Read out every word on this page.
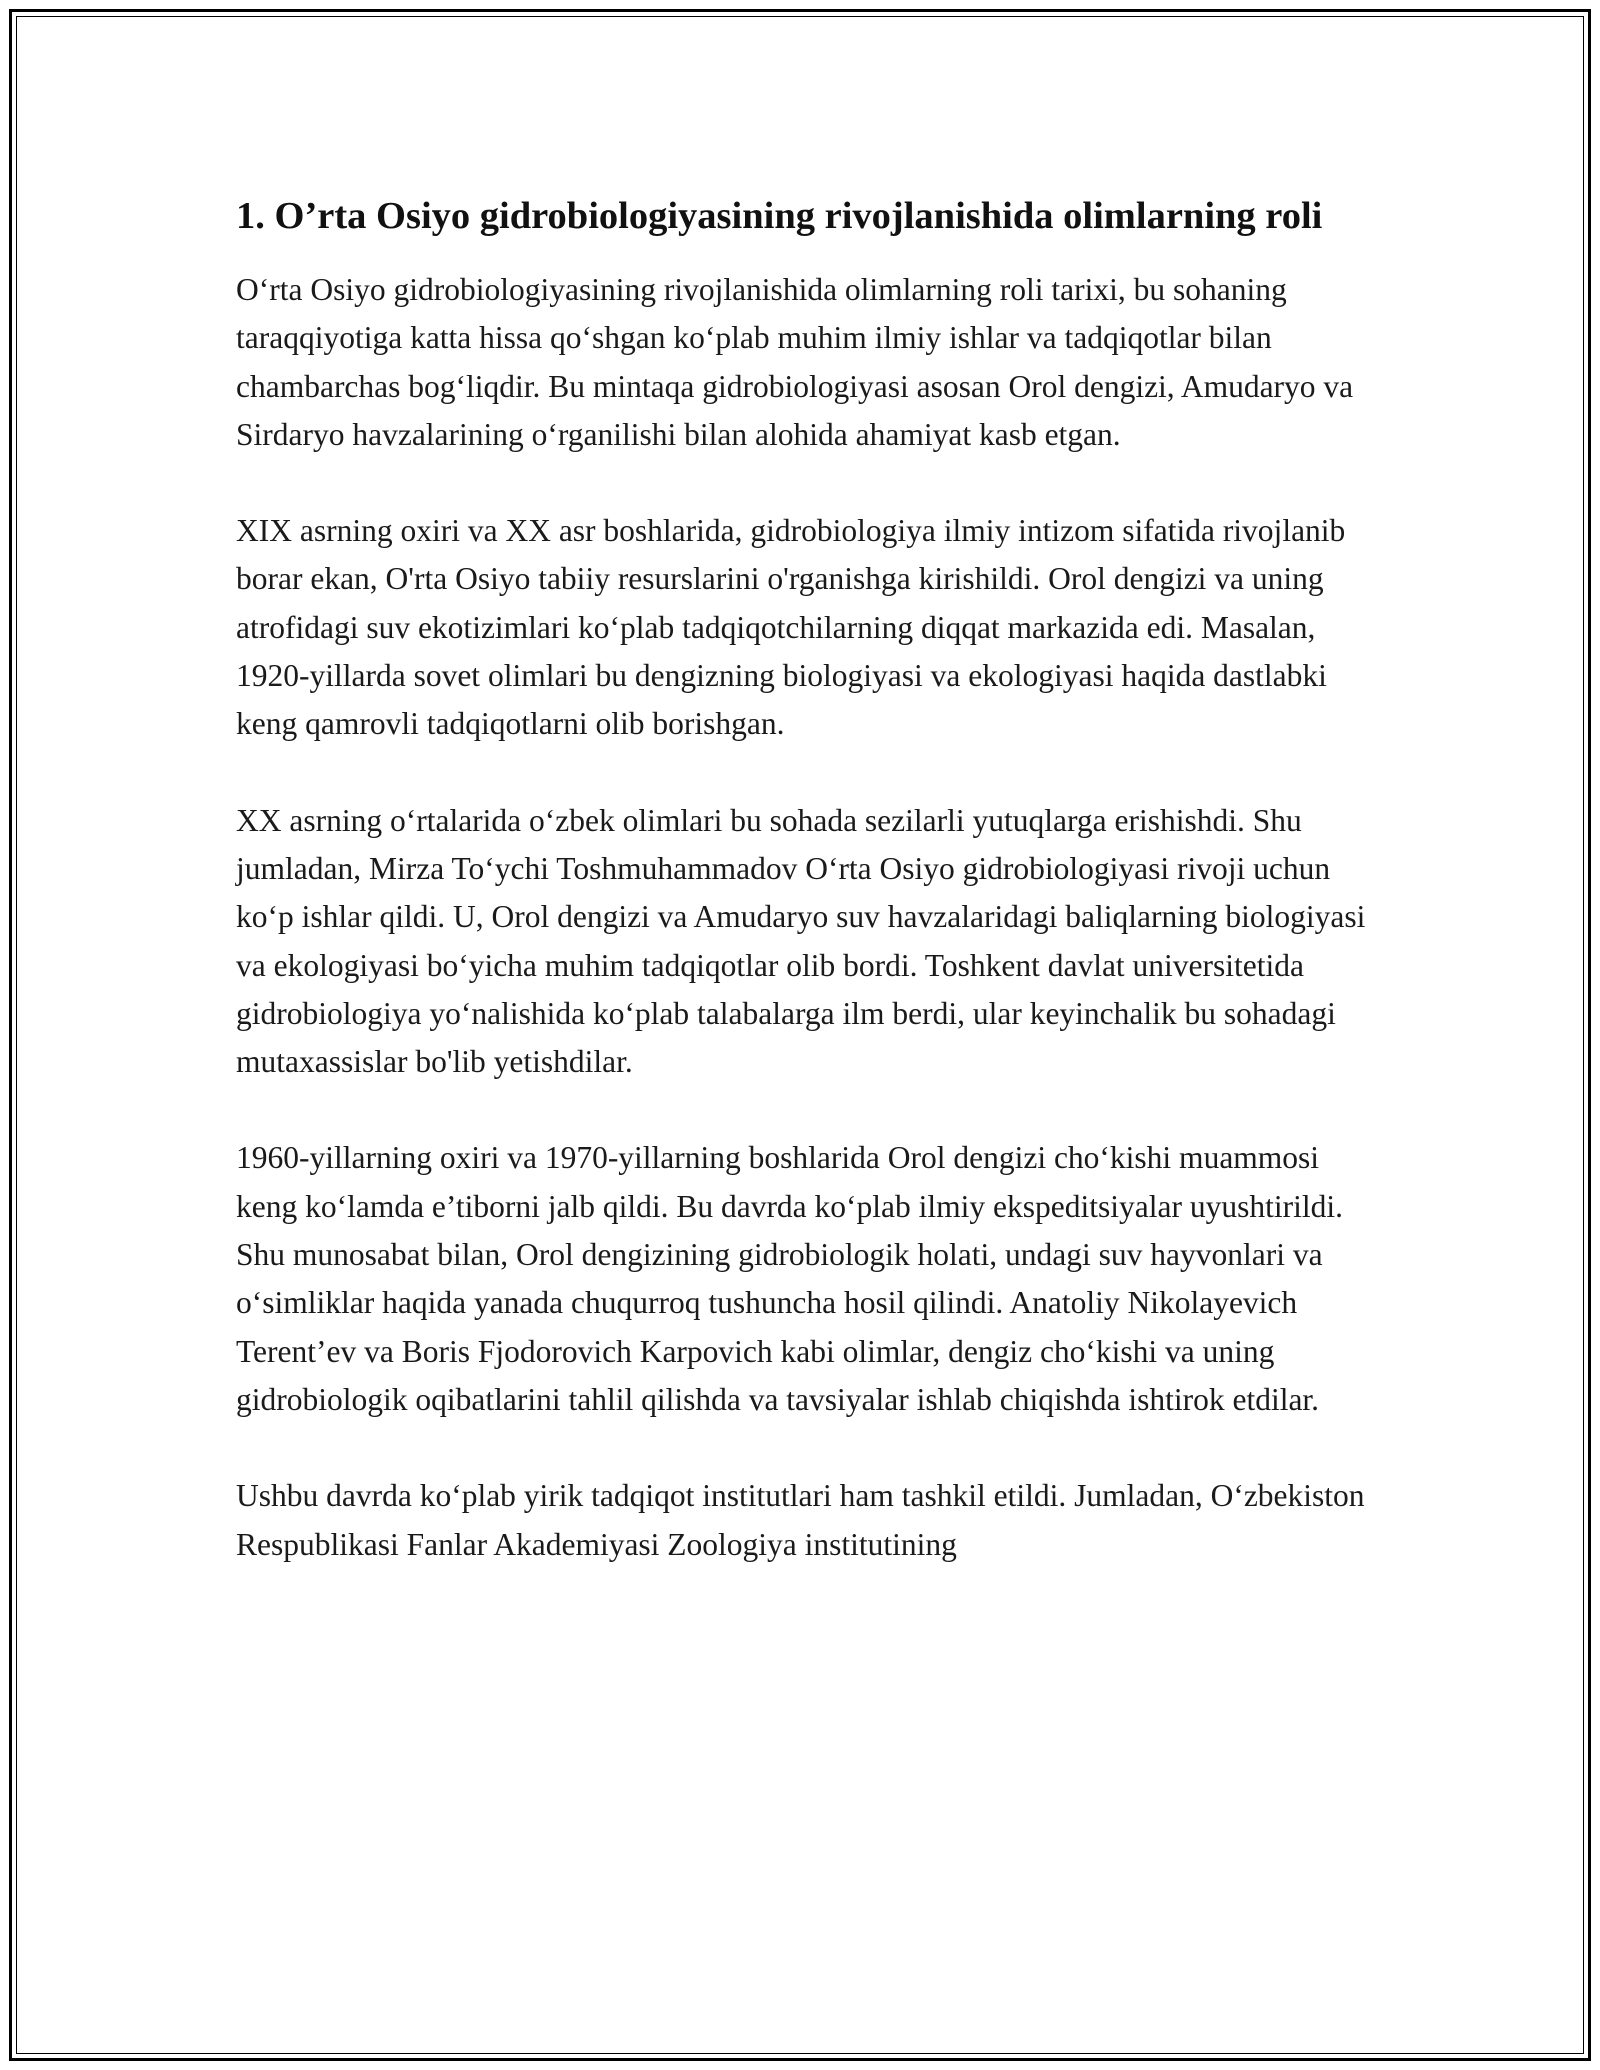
1. O’rta Osiyo gidrobiologiyasining rivojlanishida olimlarning roli

O‘rta Osiyo gidrobiologiyasining rivojlanishida olimlarning roli tarixi, bu sohaning taraqqiyotiga katta hissa qo‘shgan ko‘plab muhim ilmiy ishlar va tadqiqotlar bilan chambarchas bog‘liqdir. Bu mintaqa gidrobiologiyasi asosan Orol dengizi, Amudaryo va Sirdaryo havzalarining o‘rganilishi bilan alohida ahamiyat kasb etgan.

XIX asrning oxiri va XX asr boshlarida, gidrobiologiya ilmiy intizom sifatida rivojlanib borar ekan, O'rta Osiyo tabiiy resurslarini o'rganishga kirishildi. Orol dengizi va uning atrofidagi suv ekotizimlari ko‘plab tadqiqotchilarning diqqat markazida edi. Masalan, 1920-yillarda sovet olimlari bu dengizning biologiyasi va ekologiyasi haqida dastlabki keng qamrovli tadqiqotlarni olib borishgan.

XX asrning o‘rtalarida o‘zbek olimlari bu sohada sezilarli yutuqlarga erishishdi. Shu jumladan, Mirza To‘ychi Toshmuhammadov O‘rta Osiyo gidrobiologiyasi rivoji uchun ko‘p ishlar qildi. U, Orol dengizi va Amudaryo suv havzalaridagi baliqlarning biologiyasi va ekologiyasi bo‘yicha muhim tadqiqotlar olib bordi. Toshkent davlat universitetida gidrobiologiya yo‘nalishida ko‘plab talabalarga ilm berdi, ular keyinchalik bu sohadagi mutaxassislar bo'lib yetishdilar.

1960-yillarning oxiri va 1970-yillarning boshlarida Orol dengizi cho‘kishi muammosi keng ko‘lamda e’tiborni jalb qildi. Bu davrda ko‘plab ilmiy ekspeditsiyalar uyushtirildi. Shu munosabat bilan, Orol dengizining gidrobiologik holati, undagi suv hayvonlari va o‘simliklar haqida yanada chuqurroq tushuncha hosil qilindi. Anatoliy Nikolayevich Terent’ev va Boris Fjodorovich Karpovich kabi olimlar, dengiz cho‘kishi va uning gidrobiologik oqibatlarini tahlil qilishda va tavsiyalar ishlab chiqishda ishtirok etdilar.

Ushbu davrda ko‘plab yirik tadqiqot institutlari ham tashkil etildi. Jumladan, O‘zbekiston Respublikasi Fanlar Akademiyasi Zoologiya institutining
